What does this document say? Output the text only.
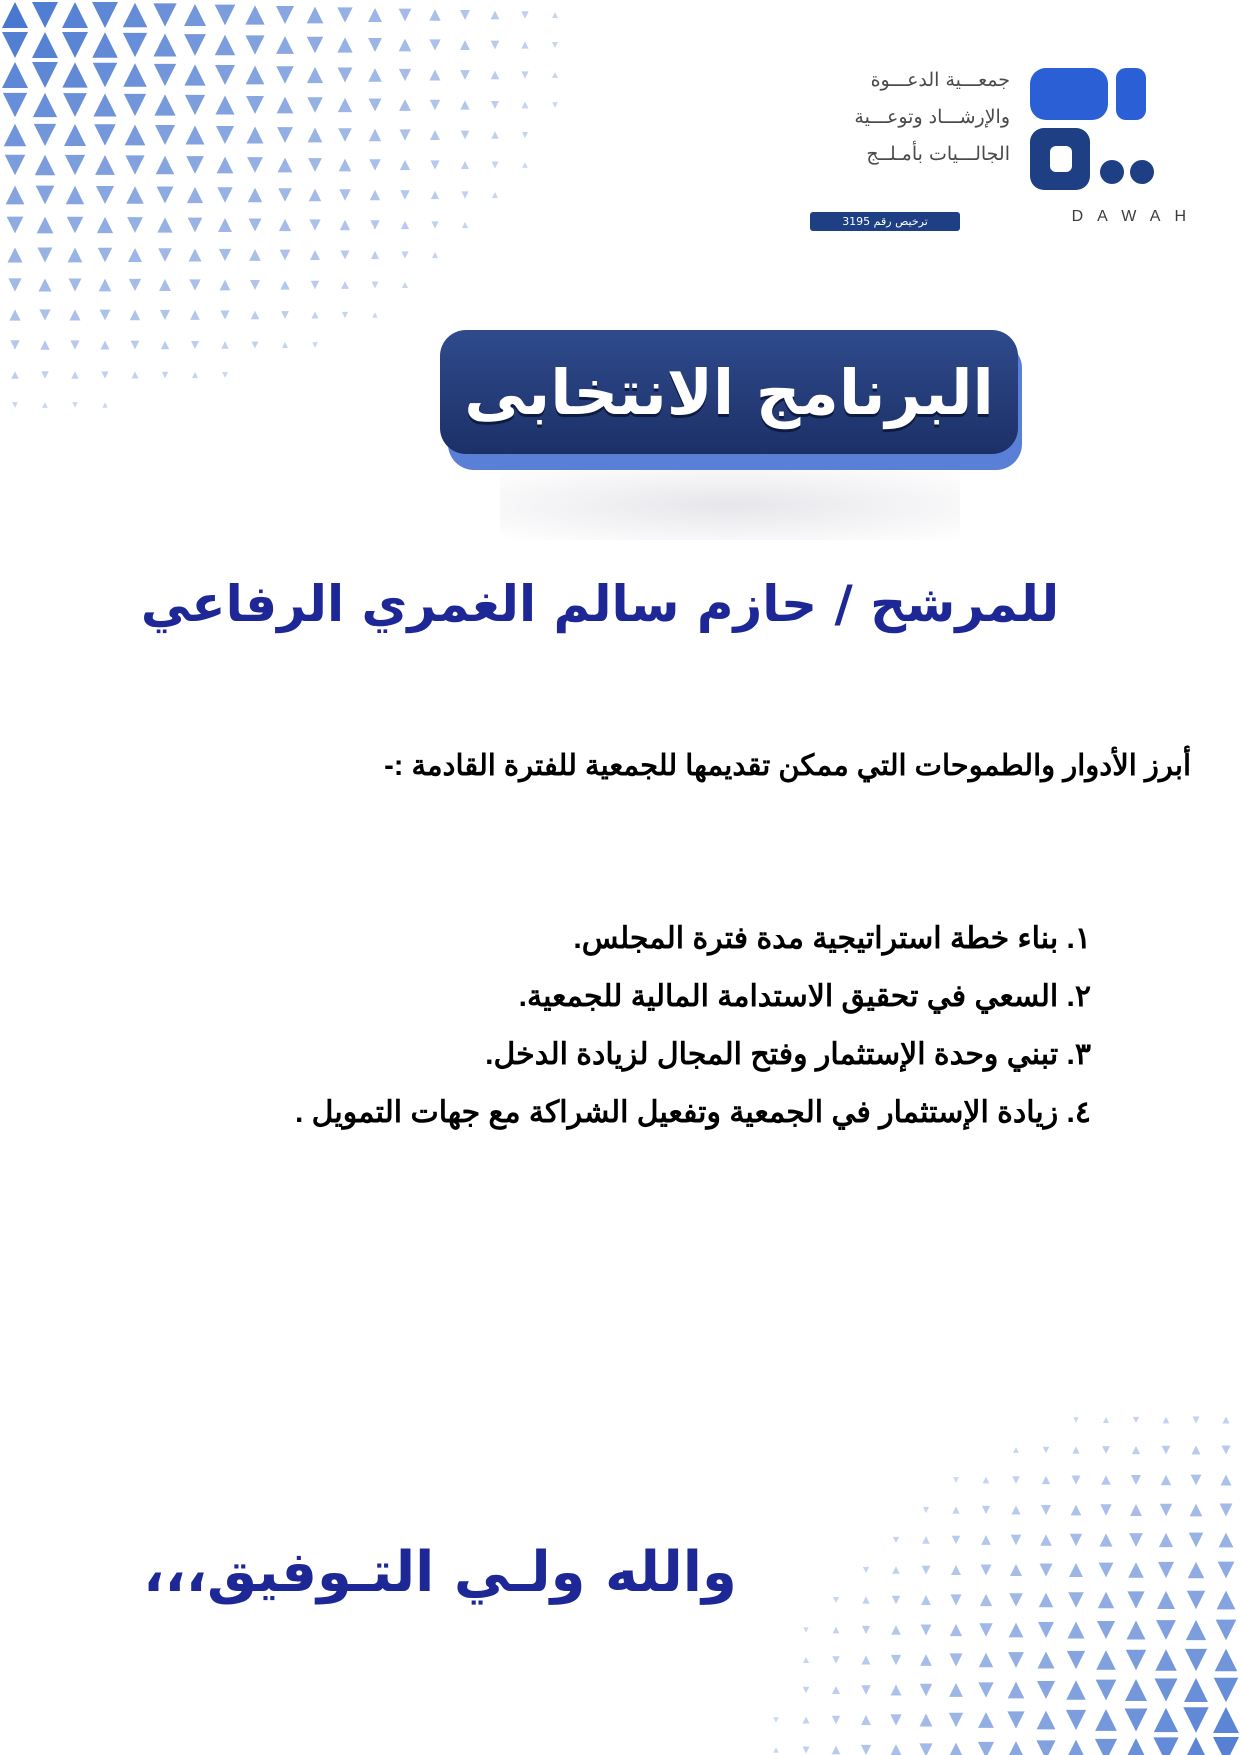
جمعـــية الدعـــوة
والإرشـــاد وتوعـــية
الجالـــيات بأمـلــج
ترخيص رقم 3195	DAWAH
البرنامج الانتخابى
للمرشح / حازم سالم الغمري الرفاعي
أبرز الأدوار والطموحات التي ممكن تقديمها للجمعية للفترة القادمة :-
١. بناء خطة استراتيجية مدة فترة المجلس.
٢. السعي في تحقيق الاستدامة المالية للجمعية.
٣. تبني وحدة الإستثمار وفتح المجال لزيادة الدخل.
٤. زيادة الإستثمار في الجمعية وتفعيل الشراكة مع جهات التمويل .
والله ولـي التـوفيق،،،
